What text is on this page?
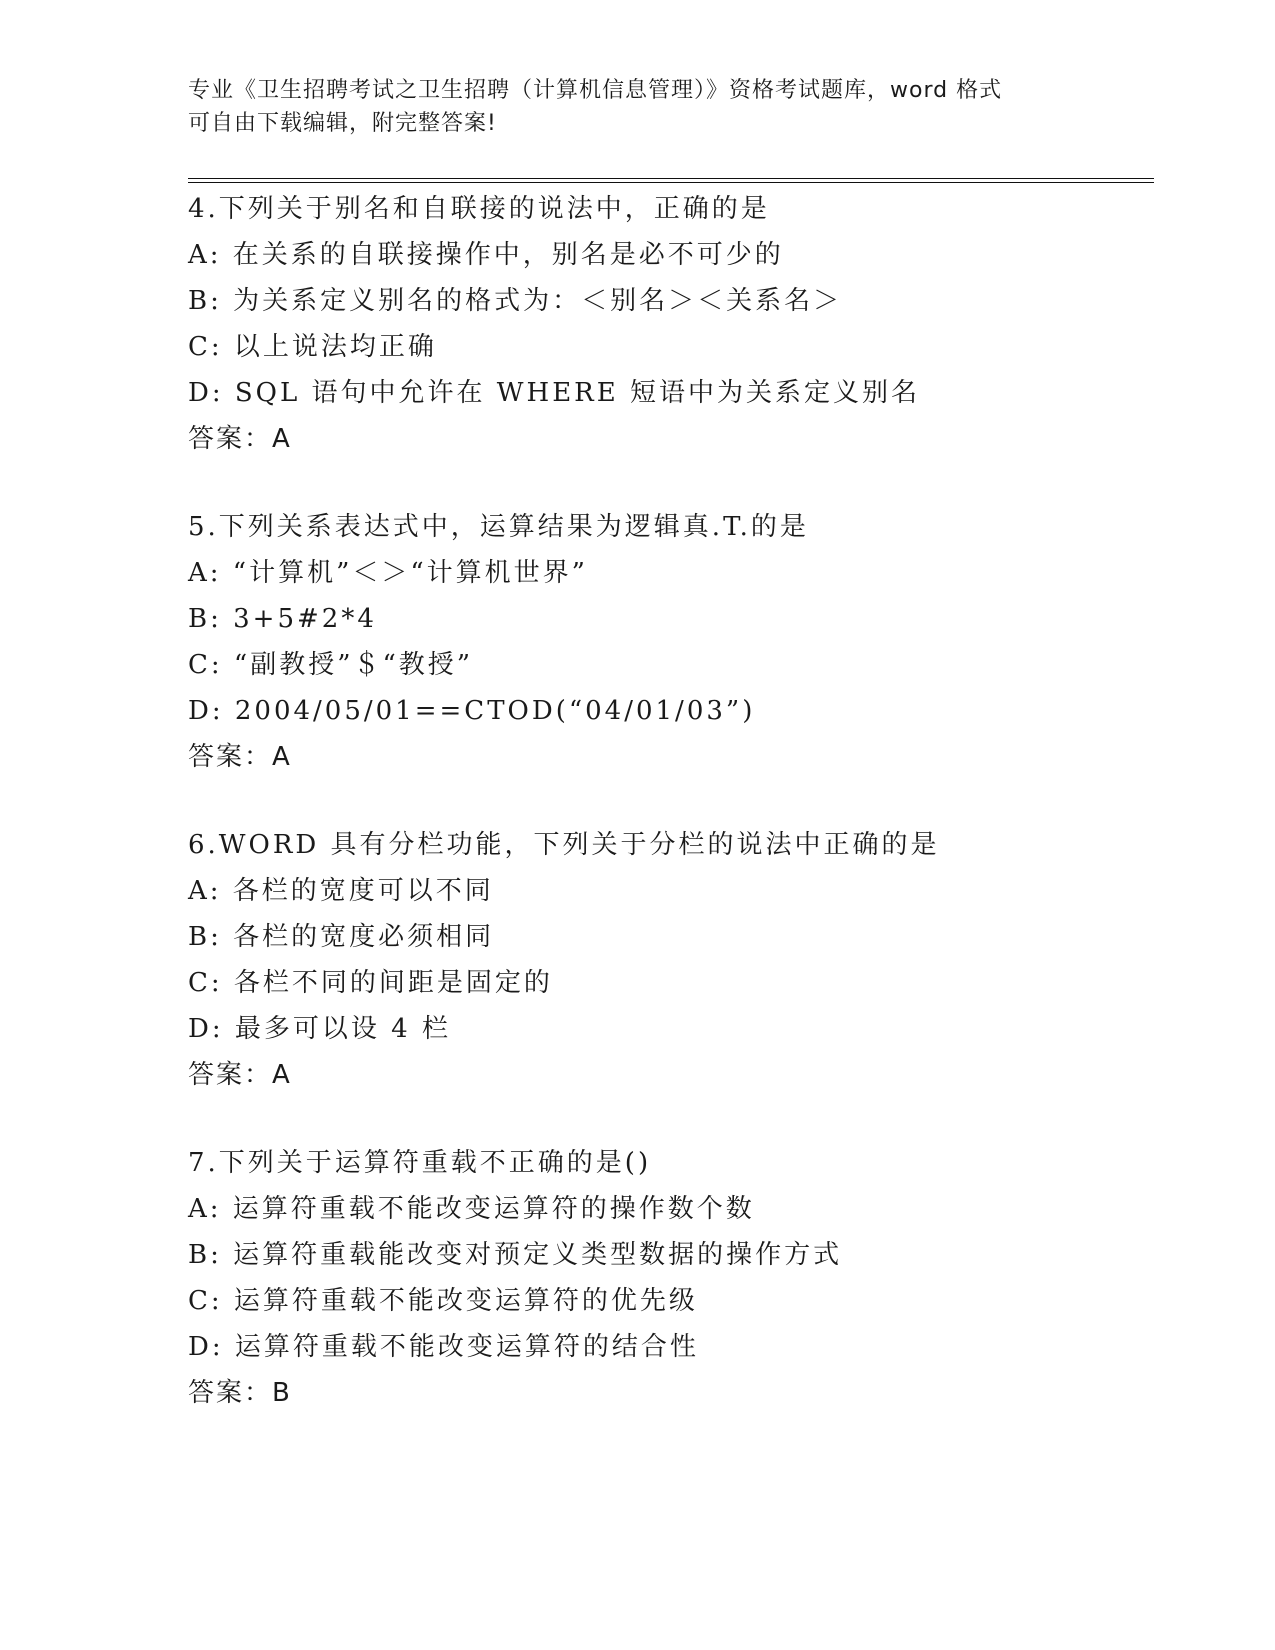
专业《卫生招聘考试之卫生招聘（计算机信息管理）》资格考试题库，word 格式
可自由下载编辑，附完整答案!
4.下列关于别名和自联接的说法中，正确的是
A: 在关系的自联接操作中，别名是必不可少的
B: 为关系定义别名的格式为：＜别名＞＜关系名＞
C: 以上说法均正确
D: SQL 语句中允许在 WHERE 短语中为关系定义别名
答案：A
5.下列关系表达式中，运算结果为逻辑真.T.的是
A: “计算机”＜＞“计算机世界”
B: 3+5#2*4
C: “副教授”＄“教授”
D: 2004/05/01==CTOD(“04/01/03”)
答案：A
6.WORD 具有分栏功能，下列关于分栏的说法中正确的是
A: 各栏的宽度可以不同
B: 各栏的宽度必须相同
C: 各栏不同的间距是固定的
D: 最多可以设 4 栏
答案：A
7.下列关于运算符重载不正确的是()
A: 运算符重载不能改变运算符的操作数个数
B: 运算符重载能改变对预定义类型数据的操作方式
C: 运算符重载不能改变运算符的优先级
D: 运算符重载不能改变运算符的结合性
答案：B
